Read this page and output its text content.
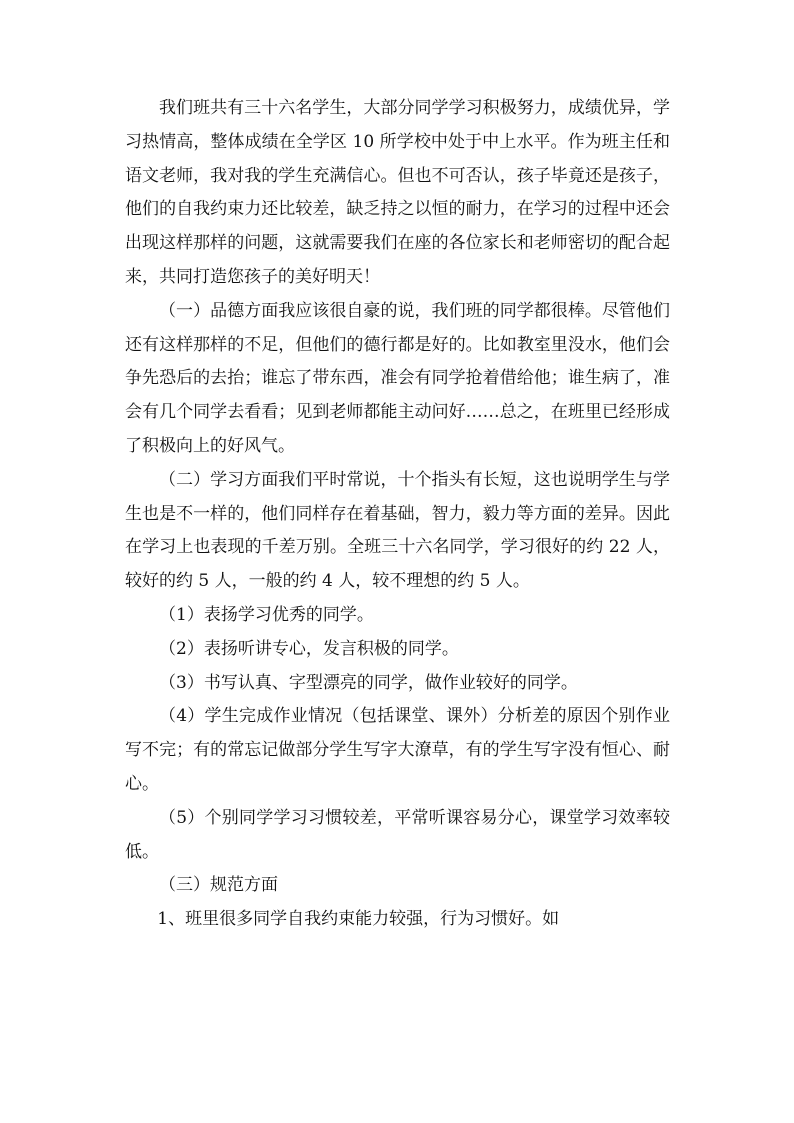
我们班共有三十六名学生，大部分同学学习积极努力，成绩优异，学习热情高，整体成绩在全学区 10 所学校中处于中上水平。作为班主任和语文老师，我对我的学生充满信心。但也不可否认，孩子毕竟还是孩子，他们的自我约束力还比较差，缺乏持之以恒的耐力，在学习的过程中还会出现这样那样的问题，这就需要我们在座的各位家长和老师密切的配合起来，共同打造您孩子的美好明天！

（一）品德方面我应该很自豪的说，我们班的同学都很棒。尽管他们还有这样那样的不足，但他们的德行都是好的。比如教室里没水，他们会争先恐后的去抬；谁忘了带东西，准会有同学抢着借给他；谁生病了，准会有几个同学去看看；见到老师都能主动问好……总之，在班里已经形成了积极向上的好风气。

（二）学习方面我们平时常说，十个指头有长短，这也说明学生与学生也是不一样的，他们同样存在着基础，智力，毅力等方面的差异。因此在学习上也表现的千差万别。全班三十六名同学，学习很好的约 22 人，较好的约 5 人，一般的约 4 人，较不理想的约 5 人。

（1）表扬学习优秀的同学。

（2）表扬听讲专心，发言积极的同学。

（3）书写认真、字型漂亮的同学，做作业较好的同学。

（4）学生完成作业情况（包括课堂、课外）分析差的原因个别作业写不完；有的常忘记做部分学生写字大潦草，有的学生写字没有恒心、耐心。

（5）个别同学学习习惯较差，平常听课容易分心，课堂学习效率较低。

（三）规范方面

1、班里很多同学自我约束能力较强，行为习惯好。如
